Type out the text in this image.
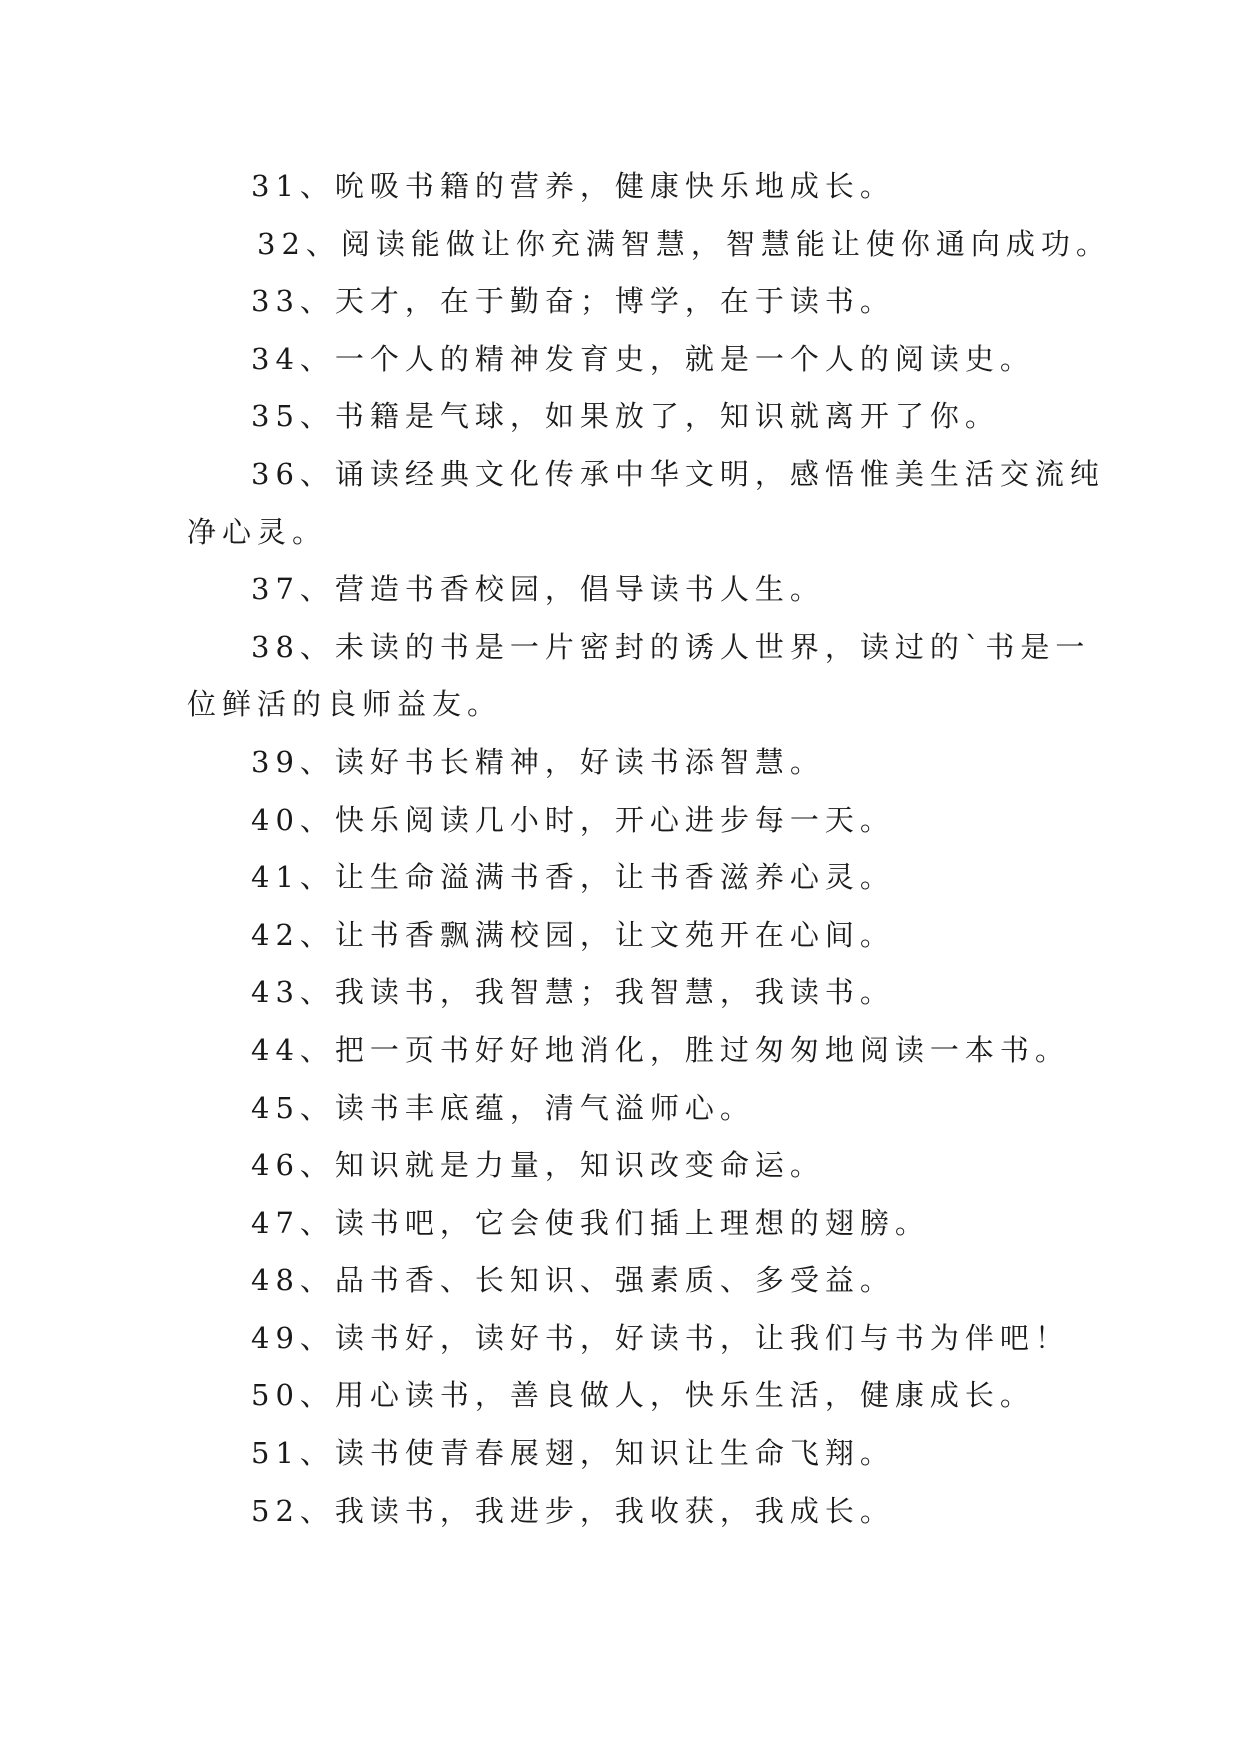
31、吮吸书籍的营养，健康快乐地成长。
32、阅读能做让你充满智慧，智慧能让使你通向成功。
33、天才，在于勤奋；博学，在于读书。
34、一个人的精神发育史，就是一个人的阅读史。
35、书籍是气球，如果放了，知识就离开了你。
36、诵读经典文化传承中华文明，感悟惟美生活交流纯
净心灵。
37、营造书香校园，倡导读书人生。
38、未读的书是一片密封的诱人世界，读过的`书是一
位鲜活的良师益友。
39、读好书长精神，好读书添智慧。
40、快乐阅读几小时，开心进步每一天。
41、让生命溢满书香，让书香滋养心灵。
42、让书香飘满校园，让文苑开在心间。
43、我读书，我智慧；我智慧，我读书。
44、把一页书好好地消化，胜过匆匆地阅读一本书。
45、读书丰底蕴，清气溢师心。
46、知识就是力量，知识改变命运。
47、读书吧，它会使我们插上理想的翅膀。
48、品书香、长知识、强素质、多受益。
49、读书好，读好书，好读书，让我们与书为伴吧！
50、用心读书，善良做人，快乐生活，健康成长。
51、读书使青春展翅，知识让生命飞翔。
52、我读书，我进步，我收获，我成长。
